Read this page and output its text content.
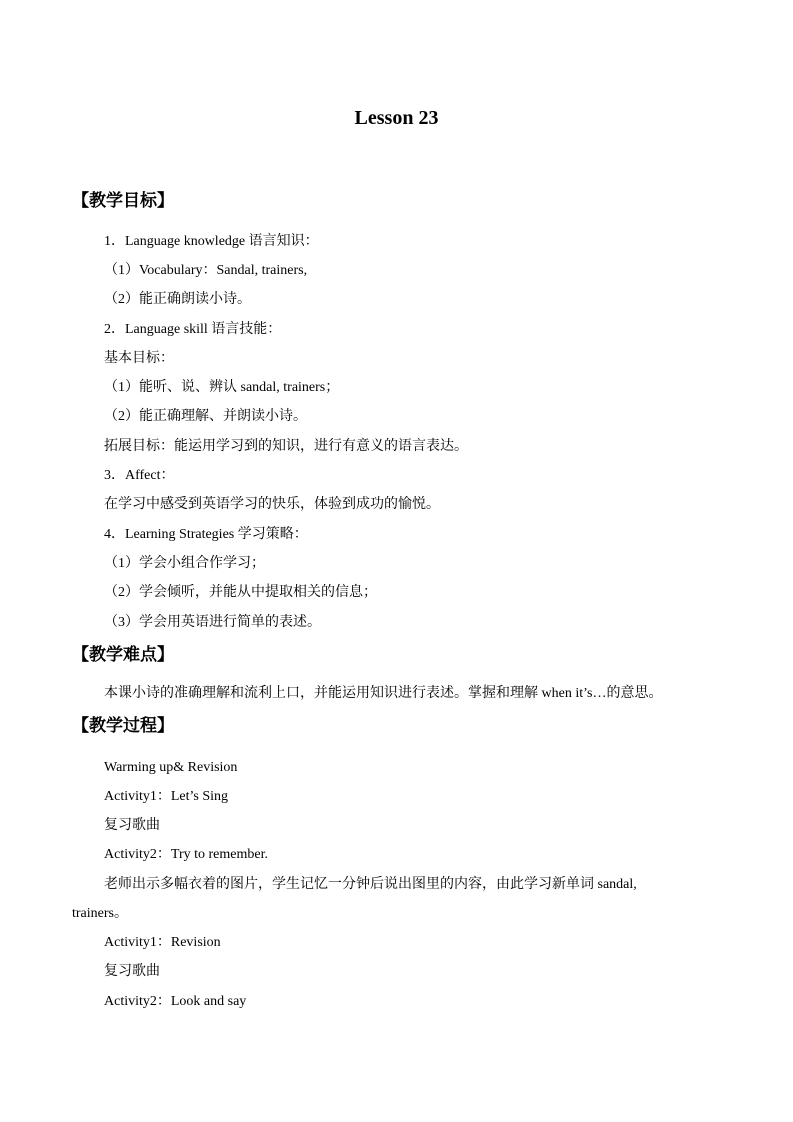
Lesson 23
【教学目标】
1．Language knowledge 语言知识：
（1）Vocabulary：Sandal, trainers,
（2）能正确朗读小诗。
2．Language skill 语言技能：
基本目标：
（1）能听、说、辨认 sandal, trainers；
（2）能正确理解、并朗读小诗。
拓展目标：能运用学习到的知识，进行有意义的语言表达。
3．Affect：
在学习中感受到英语学习的快乐，体验到成功的愉悦。
4．Learning Strategies 学习策略：
（1）学会小组合作学习；
（2）学会倾听，并能从中提取相关的信息；
（3）学会用英语进行简单的表述。
【教学难点】
本课小诗的准确理解和流利上口，并能运用知识进行表述。掌握和理解 when it’s…的意思。
【教学过程】
Warming up& Revision
Activity1：Let’s Sing
复习歌曲
Activity2：Try to remember.
老师出示多幅衣着的图片，学生记忆一分钟后说出图里的内容，由此学习新单词 sandal,
trainers。
Activity1：Revision
复习歌曲
Activity2：Look and say
